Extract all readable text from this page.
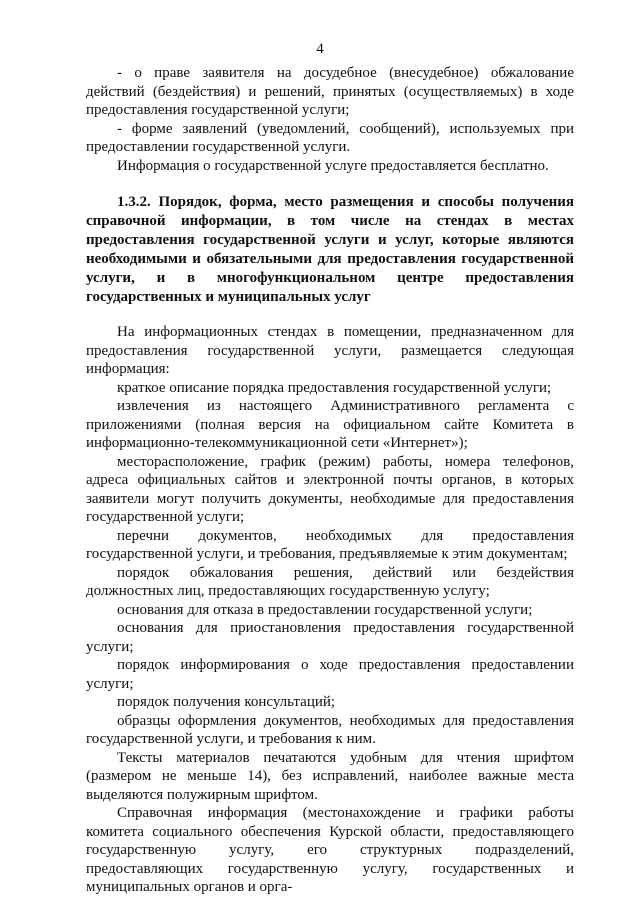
4

- о праве заявителя на досудебное (внесудебное) обжалование действий (бездействия) и решений, принятых (осуществляемых) в ходе предоставления государственной услуги;

- форме заявлений (уведомлений, сообщений), используемых при предоставлении государственной услуги.

Информация о государственной услуге предоставляется бесплатно.

1.3.2. Порядок, форма, место размещения и способы получения справочной информации, в том числе на стендах в местах предоставления государственной услуги и услуг, которые являются необходимыми и обязательными для предоставления государственной услуги, и в многофункциональном центре предоставления государственных и муниципальных услуг

На информационных стендах в помещении, предназначенном для предоставления государственной услуги, размещается следующая информация:

краткое описание порядка предоставления государственной услуги;

извлечения из настоящего Административного регламента с приложениями (полная версия на официальном сайте Комитета в информационно-телекоммуникационной сети «Интернет»);

месторасположение, график (режим) работы, номера телефонов, адреса официальных сайтов и электронной почты органов, в которых заявители могут получить документы, необходимые для предоставления государственной услуги;

перечни документов, необходимых для предоставления государственной услуги, и требования, предъявляемые к этим документам;

порядок обжалования решения, действий или бездействия должностных лиц, предоставляющих государственную услугу;

основания для отказа в предоставлении государственной услуги;

основания для приостановления предоставления государственной услуги;

порядок информирования о ходе предоставления предоставлении услуги;

порядок получения консультаций;

образцы оформления документов, необходимых для предоставления государственной услуги, и требования к ним.

Тексты материалов печатаются удобным для чтения шрифтом (размером не меньше 14), без исправлений, наиболее важные места выделяются полужирным шрифтом.

Справочная информация (местонахождение и графики работы комитета социального обеспечения Курской области, предоставляющего государственную услугу, его структурных подразделений, предоставляющих государственную услугу, государственных и муниципальных органов и орга-
